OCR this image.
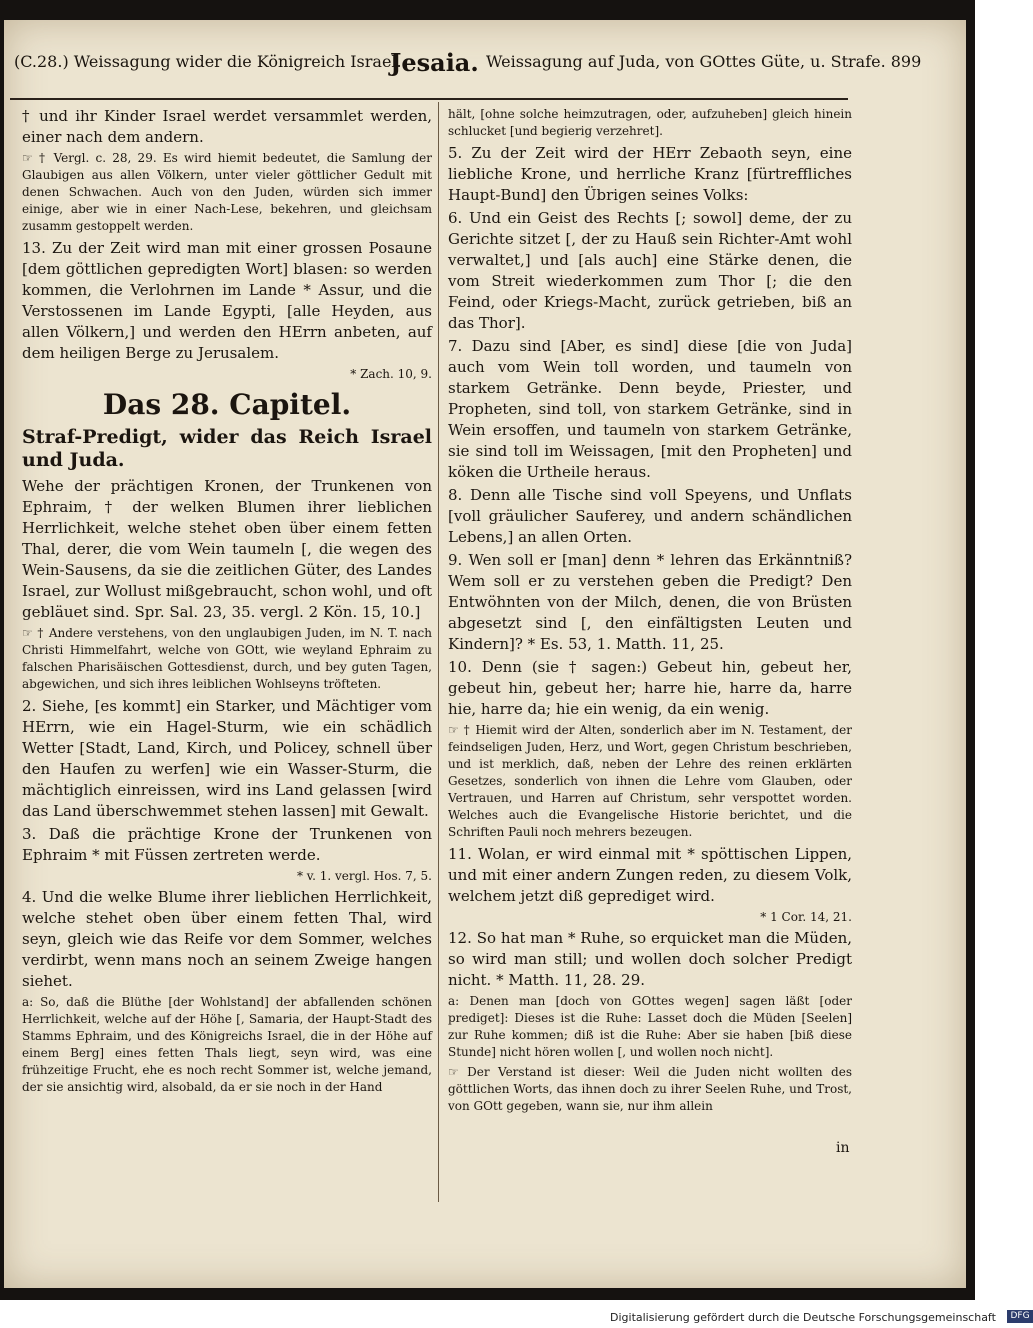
(C.28.) Weissagung wider die Königreich Israel.
Jesaia. Weissagung auf Juda, von GOttes Güte, u. Strafe. 899

† und ihr Kinder Israel werdet versammlet werden, einer nach dem andern.

☞ † Vergl. c. 28, 29. Es wird hiemit bedeutet, die Samlung der Glaubigen aus allen Völkern, unter vieler göttlicher Gedult mit denen Schwachen. Auch von den Juden, würden sich immer einige, aber wie in einer Nach-Lese, bekehren, und gleichsam zusamm gestoppelt werden.

13. Zu der Zeit wird man mit einer grossen Posaune [dem göttlichen gepredigten Wort] blasen: so werden kommen, die Verlohrnen im Lande * Assur, und die Verstossenen im Lande Egypti, [alle Heyden, aus allen Völkern,] und werden den HErrn anbeten, auf dem heiligen Berge zu Jerusalem.

* Zach. 10, 9.

Das 28. Capitel.

Straf-Predigt, wider das Reich Israel und Juda.

Wehe der prächtigen Kronen, der Trunkenen von Ephraim, † der welken Blumen ihrer lieblichen Herrlichkeit, welche stehet oben über einem fetten Thal, derer, die vom Wein taumeln [, die wegen des Wein-Sausens, da sie die zeitlichen Güter, des Landes Israel, zur Wollust mißgebraucht, schon wohl, und oft gebläuet sind. Spr. Sal. 23, 35. vergl. 2 Kön. 15, 10.]

☞ † Andere verstehens, von den unglaubigen Juden, im N. T. nach Christi Himmelfahrt, welche von GOtt, wie weyland Ephraim zu falschen Pharisäischen Gottesdienst, durch, und bey guten Tagen, abgewichen, und sich ihres leiblichen Wohlseyns tröfteten.

2. Siehe, [es kommt] ein Starker, und Mächtiger vom HErrn, wie ein Hagel-Sturm, wie ein schädlich Wetter [Stadt, Land, Kirch, und Policey, schnell über den Haufen zu werfen] wie ein Wasser-Sturm, die mächtiglich einreissen, wird ins Land gelassen [wird das Land überschwemmet stehen lassen] mit Gewalt.

3. Daß die prächtige Krone der Trunkenen von Ephraim * mit Füssen zertreten werde.

* v. 1. vergl. Hos. 7, 5.

4. Und die welke Blume ihrer lieblichen Herrlichkeit, welche stehet oben über einem fetten Thal, wird seyn, gleich wie das Reife vor dem Sommer, welches verdirbt, wenn mans noch an seinem Zweige hangen siehet.

a: So, daß die Blüthe [der Wohlstand] der abfallenden schönen Herrlichkeit, welche auf der Höhe [, Samaria, der Haupt-Stadt des Stamms Ephraim, und des Königreichs Israel, die in der Höhe auf einem Berg] eines fetten Thals liegt, seyn wird, was eine frühzeitige Frucht, ehe es noch recht Sommer ist, welche jemand, der sie ansichtig wird, alsobald, da er sie noch in der Hand

hält, [ohne solche heimzutragen, oder, aufzuheben] gleich hinein schlucket [und begierig verzehret].

5. Zu der Zeit wird der HErr Zebaoth seyn, eine liebliche Krone, und herrliche Kranz [fürtreffliches Haupt-Bund] den Übrigen seines Volks:

6. Und ein Geist des Rechts [; sowol] deme, der zu Gerichte sitzet [, der zu Hauß sein Richter-Amt wohl verwaltet,] und [als auch] eine Stärke denen, die vom Streit wiederkommen zum Thor [; die den Feind, oder Kriegs-Macht, zurück getrieben, biß an das Thor].

7. Dazu sind [Aber, es sind] diese [die von Juda] auch vom Wein toll worden, und taumeln von starkem Getränke. Denn beyde, Priester, und Propheten, sind toll, von starkem Getränke, sind in Wein ersoffen, und taumeln von starkem Getränke, sie sind toll im Weissagen, [mit den Propheten] und köken die Urtheile heraus.

8. Denn alle Tische sind voll Speyens, und Unflats [voll gräulicher Sauferey, und andern schändlichen Lebens,] an allen Orten.

9. Wen soll er [man] denn * lehren das Erkänntniß? Wem soll er zu verstehen geben die Predigt? Den Entwöhnten von der Milch, denen, die von Brüsten abgesetzt sind [, den einfältigsten Leuten und Kindern]? * Es. 53, 1. Matth. 11, 25.

10. Denn (sie † sagen:) Gebeut hin, gebeut her, gebeut hin, gebeut her; harre hie, harre da, harre hie, harre da; hie ein wenig, da ein wenig.

☞ † Hiemit wird der Alten, sonderlich aber im N. Testament, der feindseligen Juden, Herz, und Wort, gegen Christum beschrieben, und ist merklich, daß, neben der Lehre des reinen erklärten Gesetzes, sonderlich von ihnen die Lehre vom Glauben, oder Vertrauen, und Harren auf Christum, sehr verspottet worden. Welches auch die Evangelische Historie berichtet, und die Schriften Pauli noch mehrers bezeugen.

11. Wolan, er wird einmal mit * spöttischen Lippen, und mit einer andern Zungen reden, zu diesem Volk, welchem jetzt diß geprediget wird.

* 1 Cor. 14, 21.

12. So hat man * Ruhe, so erquicket man die Müden, so wird man still; und wollen doch solcher Predigt nicht. * Matth. 11, 28. 29.

a: Denen man [doch von GOttes wegen] sagen läßt [oder prediget]: Dieses ist die Ruhe: Lasset doch die Müden [Seelen] zur Ruhe kommen; diß ist die Ruhe: Aber sie haben [biß diese Stunde] nicht hören wollen [, und wollen noch nicht].

☞ Der Verstand ist dieser: Weil die Juden nicht wollten des göttlichen Worts, das ihnen doch zu ihrer Seelen Ruhe, und Trost, von GOtt gegeben, wann sie, nur ihm allein

in
Digitalisierung gefördert durch die Deutsche Forschungsgemeinschaft DFG
